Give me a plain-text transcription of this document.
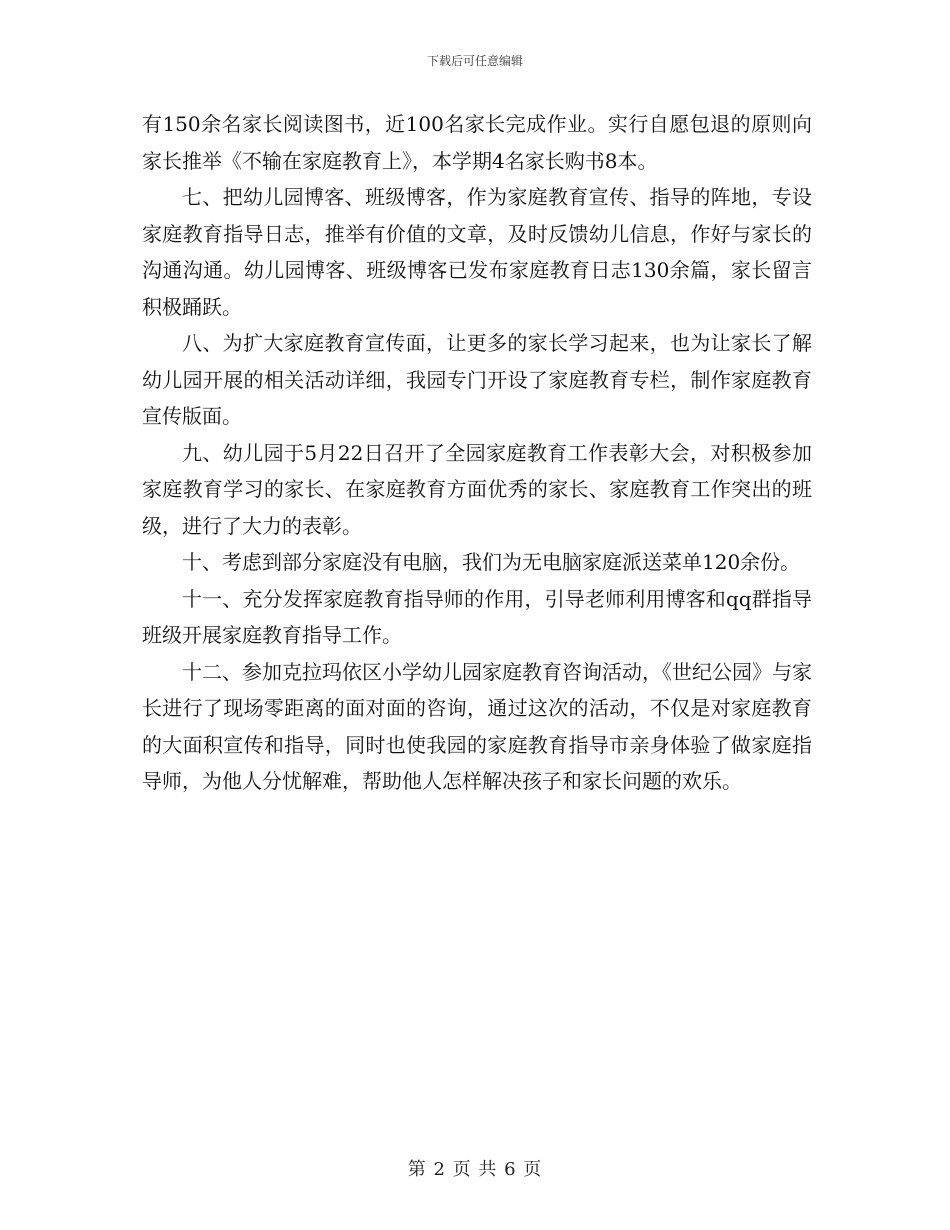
下载后可任意编辑

有150余名家长阅读图书，近100名家长完成作业。实行自愿包退的原则向家长推举《不输在家庭教育上》，本学期4名家长购书8本。

七、把幼儿园博客、班级博客，作为家庭教育宣传、指导的阵地，专设家庭教育指导日志，推举有价值的文章，及时反馈幼儿信息，作好与家长的沟通沟通。幼儿园博客、班级博客已发布家庭教育日志130余篇，家长留言积极踊跃。

八、为扩大家庭教育宣传面，让更多的家长学习起来，也为让家长了解幼儿园开展的相关活动详细，我园专门开设了家庭教育专栏，制作家庭教育宣传版面。

九、幼儿园于5月22日召开了全园家庭教育工作表彰大会，对积极参加家庭教育学习的家长、在家庭教育方面优秀的家长、家庭教育工作突出的班级，进行了大力的表彰。

十、考虑到部分家庭没有电脑，我们为无电脑家庭派送菜单120余份。

十一、充分发挥家庭教育指导师的作用，引导老师利用博客和qq群指导班级开展家庭教育指导工作。

十二、参加克拉玛依区小学幼儿园家庭教育咨询活动，《世纪公园》与家长进行了现场零距离的面对面的咨询，通过这次的活动，不仅是对家庭教育的大面积宣传和指导，同时也使我园的家庭教育指导市亲身体验了做家庭指导师，为他人分忧解难，帮助他人怎样解决孩子和家长问题的欢乐。

第 2 页 共 6 页
